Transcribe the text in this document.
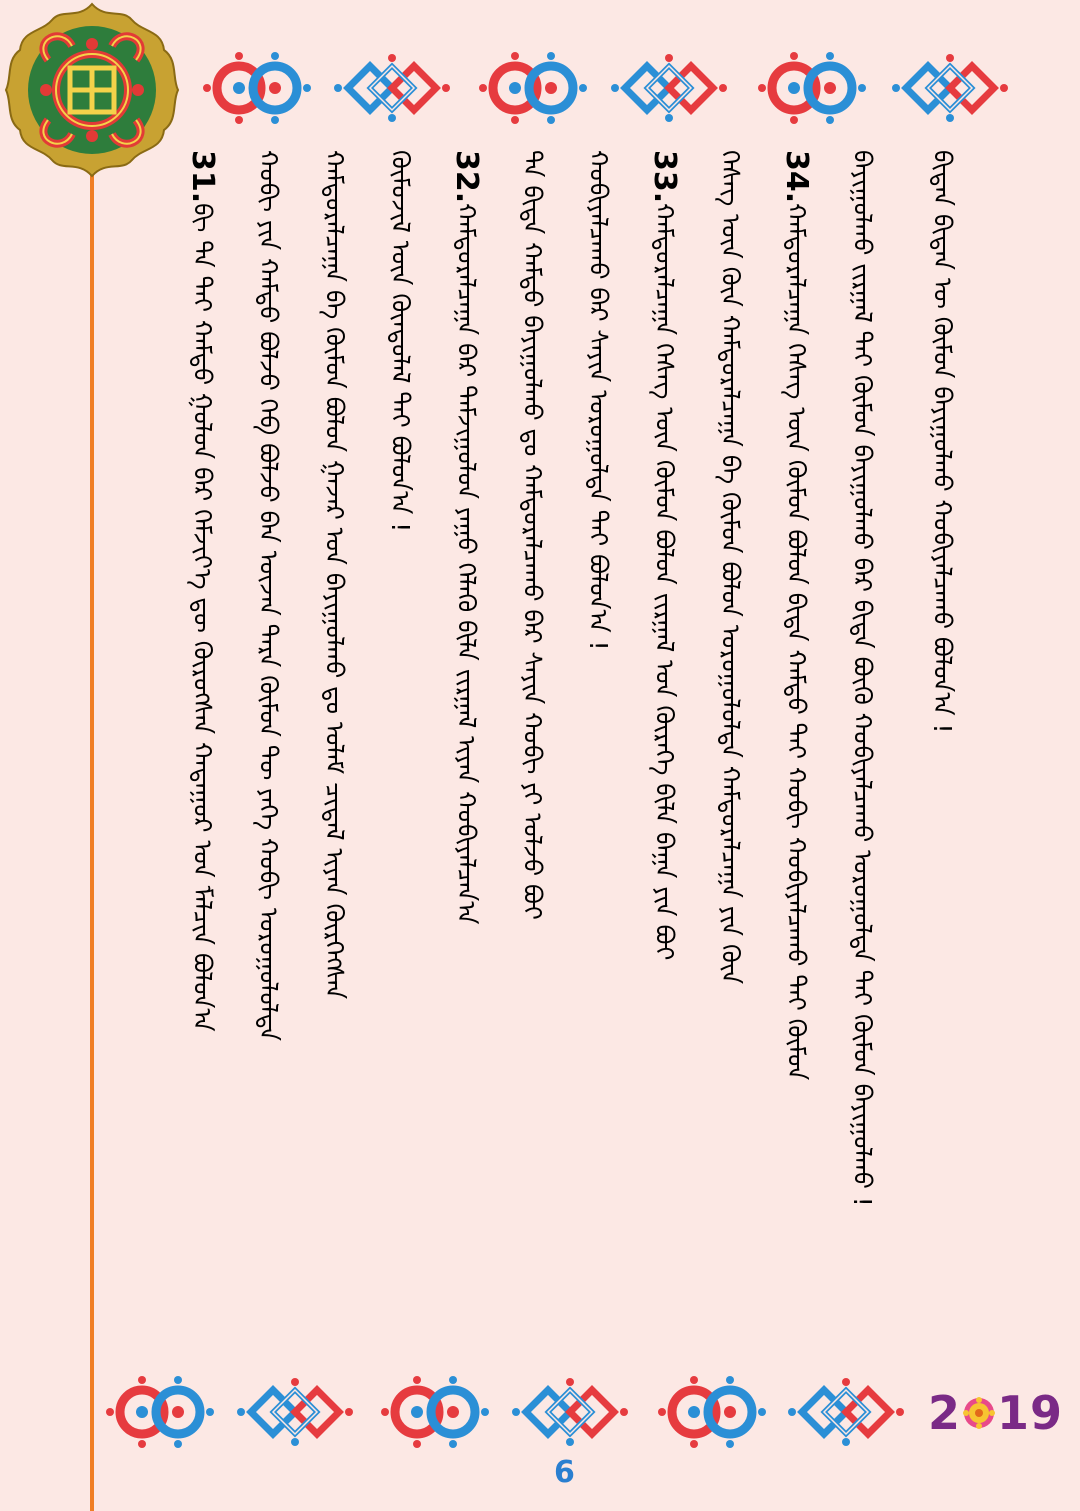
31.ᠪᠢ ᠲᠠ ᠲᠠᠢ ᠬᠠᠮᠲᠤ ᠭᠤᠯᠤᠨ ᠪᠠᠷ ᠬᠡᠮᠵᠢᠶ᠎ᠡ ᠳᠦ ᠬᠦᠷᠦᠭᠰᠡᠨ ᠬᠠᠳᠠᠭᠤᠷ ᠤᠨ ᠮᠠᠯᠴᠢᠨ ᠪᠤᠯᠤᠨ᠎ᠠ	ᠬᠤᠪᠢ ᠶᠢᠨ ᠬᠠᠮᠲᠤ ᠪᠣᠯᠵᠤ ᠬᠡᠪ ᠪᠣᠯᠵᠤ ᠪᠡᠨ ᠦᠵᠡᠨ ᠲᠡᠷᠡ ᠬᠦᠮᠦᠨ ᠲᠦ ᠶᠡᠬᠡ ᠬᠤᠪᠢ ᠤᠷᠤᠭᠤᠯᠤᠯᠲᠠ	ᠬᠠᠮᠲᠤᠷᠠᠯᠴᠠᠭᠠ ᠪᠠ ᠬᠦᠮᠦᠨ ᠪᠣᠯᠤᠨ ᠭᠠᠵᠠᠷ ᠤᠨ ᠪᠠᠶᠢᠭᠤᠯᠬᠤ ᠳᠤ ᠤᠯᠠᠮ ᠴᠢᠳᠠᠯ ᠢᠶᠡᠨ ᠬᠦᠷᠭᠡᠭᠰᠡᠨ	ᠬᠦᠮᠦᠵᠢᠯ ᠦᠨ ᠬᠦᠨᠳᠦᠯᠡᠯ ᠲᠡᠢ ᠪᠣᠯᠣᠨ᠎ᠠ ! 32.ᠬᠠᠮᠲᠤᠷᠠᠯᠴᠠᠭᠠ ᠪᠠᠷ ᠳᠠᠮᠵᠢᠭᠤᠯᠤᠨ ᠶᠠᠭᠤ ᠬᠡᠯᠡᠬᠦ ᠪᠢᠯᠡ ᠵᠢᠷᠭᠠᠯ ᠢᠶᠡᠨ ᠬᠤᠪᠢᠶᠠᠯᠴᠠᠨ᠎ᠠ	ᠲᠠ ᠪᠢᠳᠡ ᠬᠠᠮᠲᠤ ᠪᠠᠶᠢᠭᠤᠯᠬᠤ ᠳᠤ ᠬᠠᠮᠲᠤᠷᠠᠯᠴᠠᠬᠤ ᠪᠠᠷ ᠰᠠᠶᠢᠨ ᠬᠤᠪᠢ ᠶᠢ ᠣᠯᠵᠤ ᠪᠤᠢ	ᠬᠤᠪᠢᠶᠠᠯᠴᠠᠬᠤ ᠪᠠᠷ ᠰᠠᠶᠢᠨ ᠤᠷᠤᠭᠤᠯᠲᠠ ᠲᠠᠶ ᠪᠣᠯᠣᠨ᠎ᠠ ! 33.ᠬᠠᠮᠲᠤᠷᠠᠯᠴᠠᠭᠠ ᠬᠡᠰᠡᠭ ᠦᠨ ᠬᠦᠮᠦᠨ ᠪᠣᠯᠤᠨ ᠵᠢᠷᠭᠠᠯ ᠤᠨ ᠬᠦᠷᠡᠭᠡ ᠪᠢᠯᠡ ᠪᠠᠭᠠ ᠶᠢᠨ ᠪᠤᠢ	ᠬᠡᠰᠡᠭ ᠦᠨ ᠬᠦᠨ ᠬᠠᠮᠲᠤᠷᠠᠯᠴᠠᠭᠠ ᠪᠠ ᠬᠦᠮᠦᠨ ᠪᠣᠯᠤᠨ ᠤᠷᠤᠭᠤᠯᠤᠯᠲᠠ ᠬᠠᠮᠲᠤᠷᠠᠯᠴᠠᠭᠠ ᠶᠢᠨ ᠬᠦᠨ 34.ᠬᠠᠮᠲᠤᠷᠠᠯᠴᠠᠭᠠ ᠬᠡᠰᠡᠭ ᠦᠨ ᠬᠦᠮᠦᠨ ᠪᠣᠯᠤᠨ ᠪᠢᠳᠡ ᠬᠠᠮᠲᠤ ᠲᠠᠢ ᠬᠤᠪᠢ ᠬᠤᠪᠢᠶᠠᠯᠴᠠᠬᠤ ᠲᠠᠢ ᠬᠦᠮᠦᠨ	ᠪᠠᠶᠢᠭᠤᠯᠬᠤ ᠵᠢᠷᠭᠠᠯ ᠲᠠᠢ ᠬᠦᠮᠦᠨ ᠪᠠᠶᠢᠭᠤᠯᠬᠤ ᠪᠠᠷ ᠪᠢᠳᠡ ᠪᠦᠬᠦ ᠬᠤᠪᠢᠶᠠᠯᠴᠠᠬᠤ ᠤᠷᠤᠭᠤᠯᠲᠠ ᠲᠠᠢ ᠬᠦᠮᠦᠨ ᠪᠠᠶᠢᠭᠤᠯᠬᠤ !	ᠪᠢᠳᠡᠨ ᠪᠢᠳᠡᠨ ᠦ ᠬᠦᠮᠦᠨ ᠪᠠᠶᠢᠭᠤᠯᠬᠤ ᠬᠤᠪᠢᠶᠠᠯᠴᠠᠬᠤ ᠪᠣᠯᠣᠨ᠎ᠠ !
2 19
6
